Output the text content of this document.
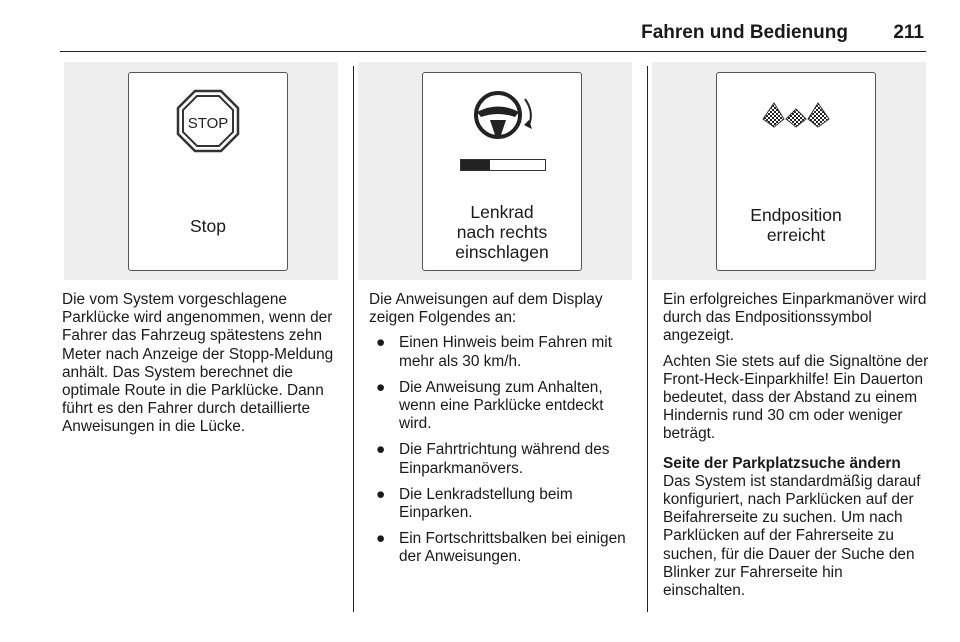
Fahren und Bedienung 211
STOP
Stop
Lenkrad
nach rechts
einschlagen
Endposition
erreicht

Die vom System vorgeschlagene Parklücke wird angenommen, wenn der Fahrer das Fahrzeug spätestens zehn Meter nach Anzeige der Stopp-Meldung anhält. Das System berechnet die optimale Route in die Parklücke. Dann führt es den Fahrer durch detaillierte Anweisungen in die Lücke.

Die Anweisungen auf dem Display zeigen Folgendes an:

● Einen Hinweis beim Fahren mit mehr als 30 km/h.
● Die Anweisung zum Anhalten, wenn eine Parklücke entdeckt wird.
● Die Fahrtrichtung während des Einparkmanövers.
● Die Lenkradstellung beim Einparken.
● Ein Fortschrittsbalken bei einigen der Anweisungen.

Ein erfolgreiches Einparkmanöver wird durch das Endpositionssymbol angezeigt.

Achten Sie stets auf die Signaltöne der Front-Heck-Einparkhilfe! Ein Dauerton bedeutet, dass der Abstand zu einem Hindernis rund 30 cm oder weniger beträgt.

Seite der Parkplatzsuche ändern

Das System ist standardmäßig darauf konfiguriert, nach Parklücken auf der Beifahrerseite zu suchen. Um nach Parklücken auf der Fahrerseite zu suchen, für die Dauer der Suche den Blinker zur Fahrerseite hin einschalten.
